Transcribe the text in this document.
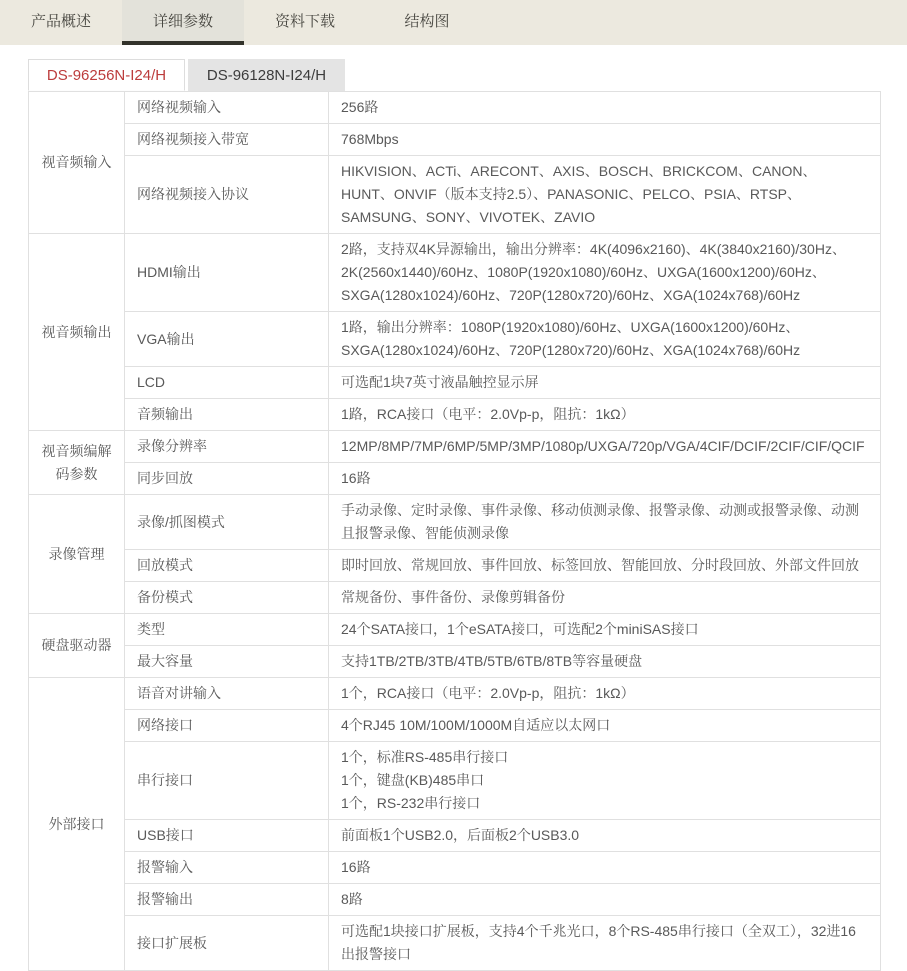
产品概述	详细参数	资料下载	结构图
DS-96256N-I24/H	DS-96128N-I24/H
视音频输入	网络视频输入	256路
	网络视频接入带宽	768Mbps
	网络视频接入协议	HIKVISION、ACTi、ARECONT、AXIS、BOSCH、BRICKCOM、CANON、HUNT、ONVIF（版本支持2.5）、PANASONIC、PELCO、PSIA、RTSP、SAMSUNG、SONY、VIVOTEK、ZAVIO
视音频输出	HDMI输出	2路，支持双4K异源输出，输出分辨率：4K(4096x2160)、4K(3840x2160)/30Hz、2K(2560x1440)/60Hz、1080P(1920x1080)/60Hz、UXGA(1600x1200)/60Hz、SXGA(1280x1024)/60Hz、720P(1280x720)/60Hz、XGA(1024x768)/60Hz
	VGA输出	1路，输出分辨率：1080P(1920x1080)/60Hz、UXGA(1600x1200)/60Hz、SXGA(1280x1024)/60Hz、720P(1280x720)/60Hz、XGA(1024x768)/60Hz
	LCD	可选配1块7英寸液晶触控显示屏
	音频输出	1路，RCA接口（电平：2.0Vp-p，阻抗：1kΩ）
视音频编解码参数	录像分辨率	12MP/8MP/7MP/6MP/5MP/3MP/1080p/UXGA/720p/VGA/4CIF/DCIF/2CIF/CIF/QCIF
	同步回放	16路
录像管理	录像/抓图模式	手动录像、定时录像、事件录像、移动侦测录像、报警录像、动测或报警录像、动测且报警录像、智能侦测录像
	回放模式	即时回放、常规回放、事件回放、标签回放、智能回放、分时段回放、外部文件回放
	备份模式	常规备份、事件备份、录像剪辑备份
硬盘驱动器	类型	24个SATA接口，1个eSATA接口，可选配2个miniSAS接口
	最大容量	支持1TB/2TB/3TB/4TB/5TB/6TB/8TB等容量硬盘
外部接口	语音对讲输入	1个，RCA接口（电平：2.0Vp-p，阻抗：1kΩ）
	网络接口	4个RJ45 10M/100M/1000M自适应以太网口
	串行接口	1个，标准RS-485串行接口
1个，键盘(KB)485串口
1个，RS-232串行接口

	USB接口	前面板1个USB2.0，后面板2个USB3.0
	报警输入	16路
	报警输出	8路
	接口扩展板	可选配1块接口扩展板，支持4个千兆光口，8个RS-485串行接口（全双工），32进16出报警接口
